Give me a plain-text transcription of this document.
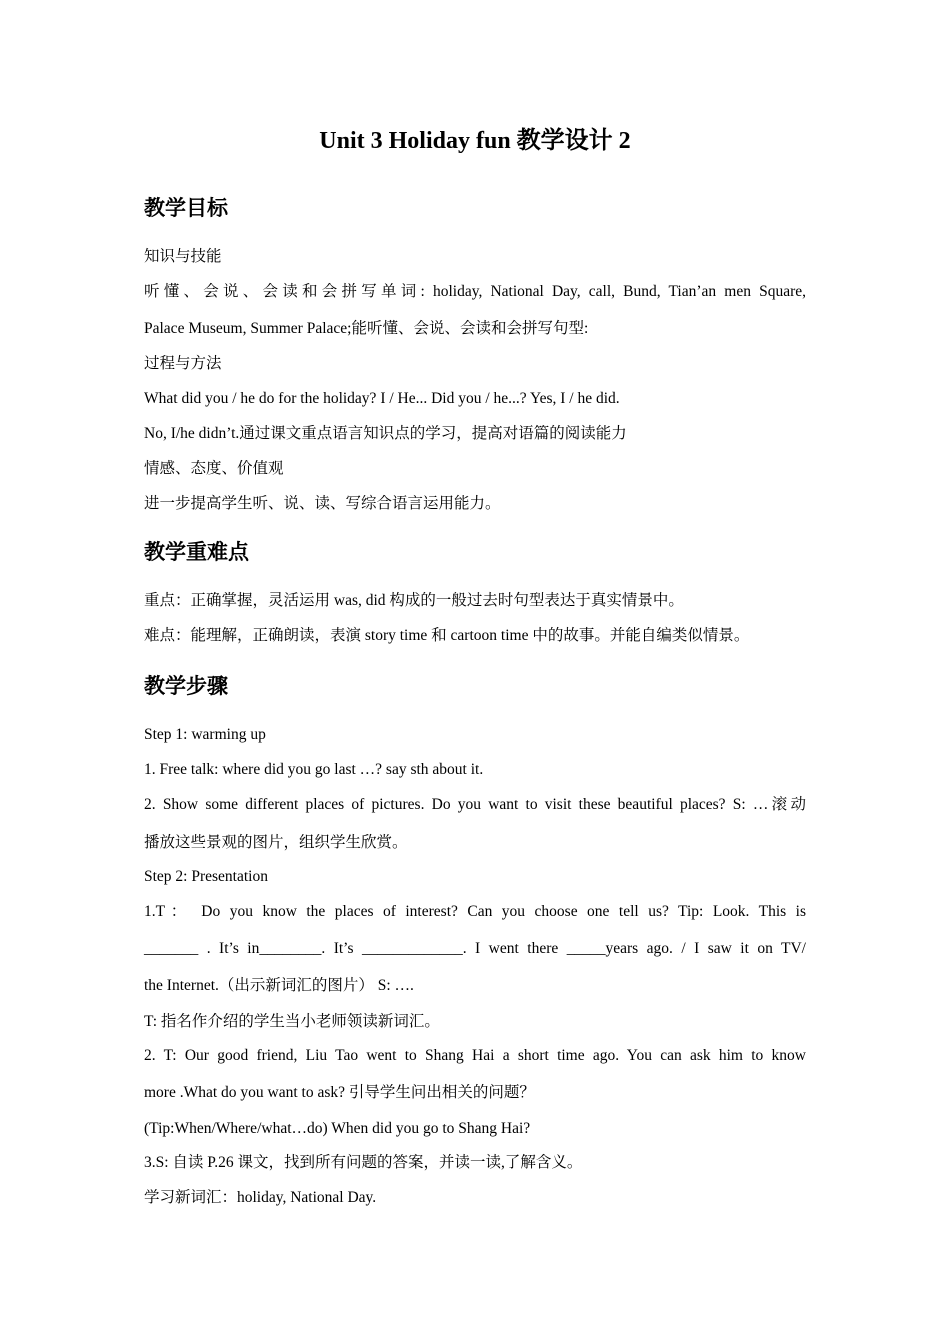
Unit 3 Holiday fun 教学设计 2
教学目标
知识与技能
听懂、会说、会读和会拼写单词: holiday, National Day, call, Bund, Tian’an men Square,
Palace Museum, Summer Palace;能听懂、会说、会读和会拼写句型:
过程与方法
What did you / he do for the holiday? I / He... Did you / he...? Yes, I / he did.
No, I/he didn’t.通过课文重点语言知识点的学习，提高对语篇的阅读能力
情感、态度、价值观
进一步提高学生听、说、读、写综合语言运用能力。
教学重难点
重点：正确掌握，灵活运用 was, did 构成的一般过去时句型表达于真实情景中。
难点：能理解，正确朗读，表演 story time 和 cartoon time 中的故事。并能自编类似情景。
教学步骤
Step 1: warming up
1. Free talk: where did you go last …? say sth about it.
2. Show some different places of pictures. Do you want to visit these beautiful places? S: …滚动
播放这些景观的图片，组织学生欣赏。
Step 2: Presentation
1.T： Do you know the places of interest? Can you choose one tell us? Tip: Look. This is
_______ . It’s in________. It’s _____________. I went there _____years ago. / I saw it on TV/
the Internet.（出示新词汇的图片） S: ….
T: 指名作介绍的学生当小老师领读新词汇。
2. T: Our good friend, Liu Tao went to Shang Hai a short time ago. You can ask him to know
more .What do you want to ask? 引导学生问出相关的问题？
(Tip:When/Where/what…do) When did you go to Shang Hai?
3.S: 自读 P.26 课文，找到所有问题的答案，并读一读,了解含义。
学习新词汇：holiday, National Day.
